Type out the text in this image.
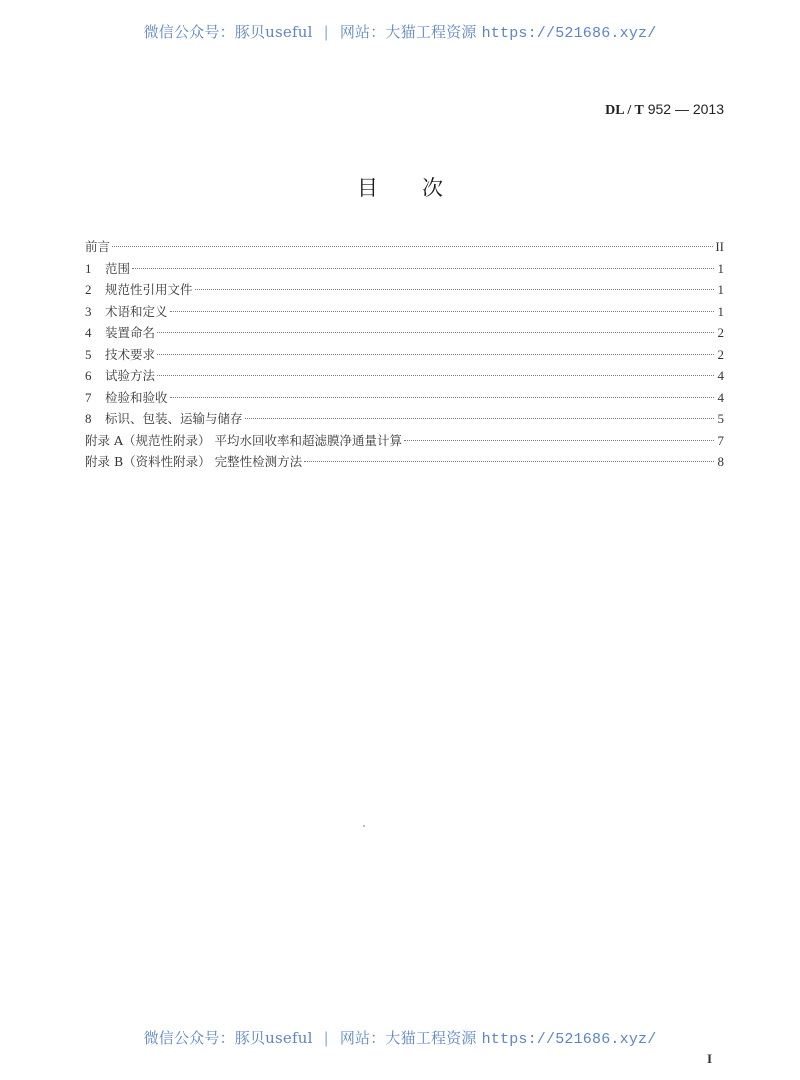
微信公众号：豚贝useful | 网站：大猫工程资源 https://521686.xyz/
DL / T 952 — 2013
目 次
前言	II
1	范围	1
2	规范性引用文件	1
3	术语和定义	1
4	装置命名	2
5	技术要求	2
6	试验方法	4
7	检验和验收	4
8	标识、包装、运输与储存	5
附录 A（规范性附录） 平均水回收率和超滤膜净通量计算	7
附录 B（资料性附录） 完整性检测方法	8
微信公众号：豚贝useful | 网站：大猫工程资源 https://521686.xyz/
I
